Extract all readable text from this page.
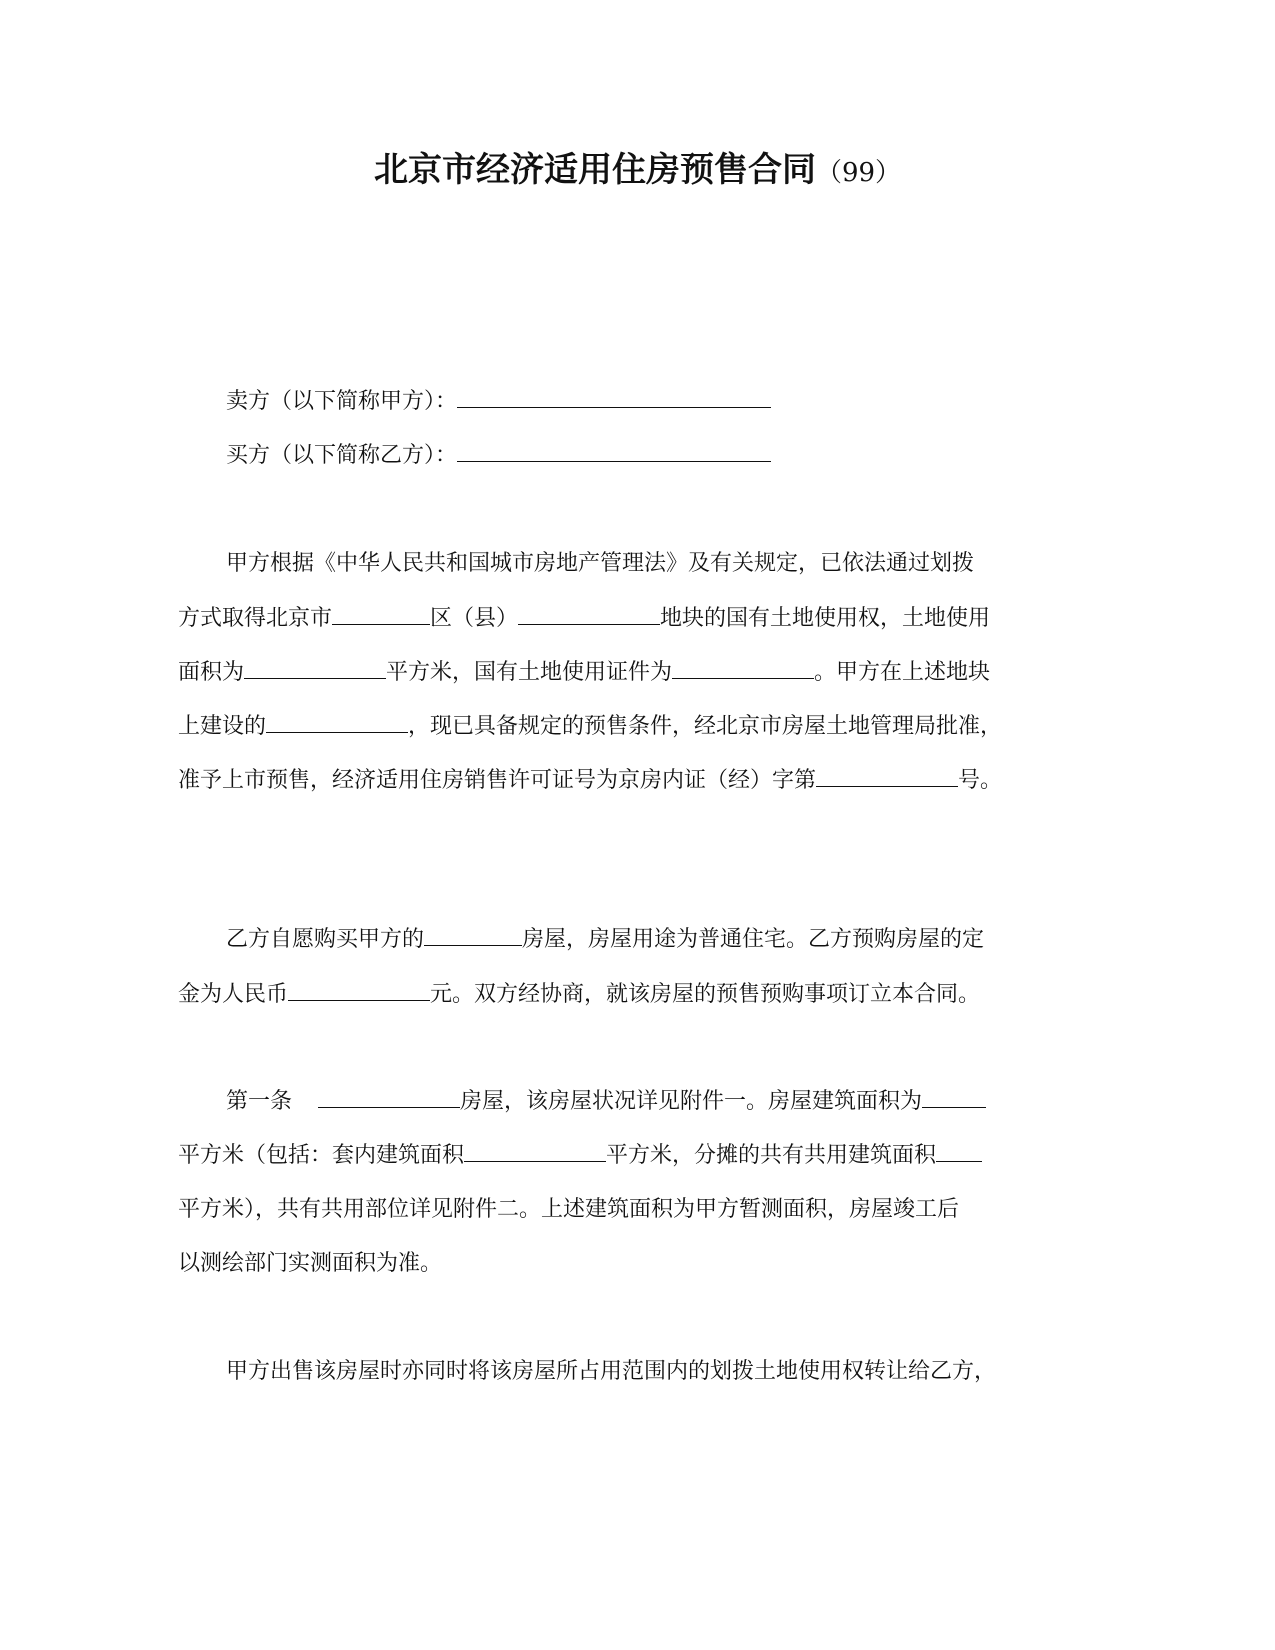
北京市经济适用住房预售合同（99）

卖方（以下简称甲方）：

买方（以下简称乙方）：

甲方根据《中华人民共和国城市房地产管理法》及有关规定，已依法通过划拨

方式取得北京市	区（县）	地块的国有土地使用权，土地使用

面积为	平方米，国有土地使用证件为	。甲方在上述地块

上建设的	，现已具备规定的预售条件，经北京市房屋土地管理局批准，

准予上市预售，经济适用住房销售许可证号为京房内证（经）字第	号。

乙方自愿购买甲方的	房屋，房屋用途为普通住宅。乙方预购房屋的定

金为人民币	元。双方经协商，就该房屋的预售预购事项订立本合同。

第一条	房屋，该房屋状况详见附件一。房屋建筑面积为

平方米（包括：套内建筑面积	平方米，分摊的共有共用建筑面积

平方米），共有共用部位详见附件二。上述建筑面积为甲方暂测面积，房屋竣工后

以测绘部门实测面积为准。

甲方出售该房屋时亦同时将该房屋所占用范围内的划拨土地使用权转让给乙方，
